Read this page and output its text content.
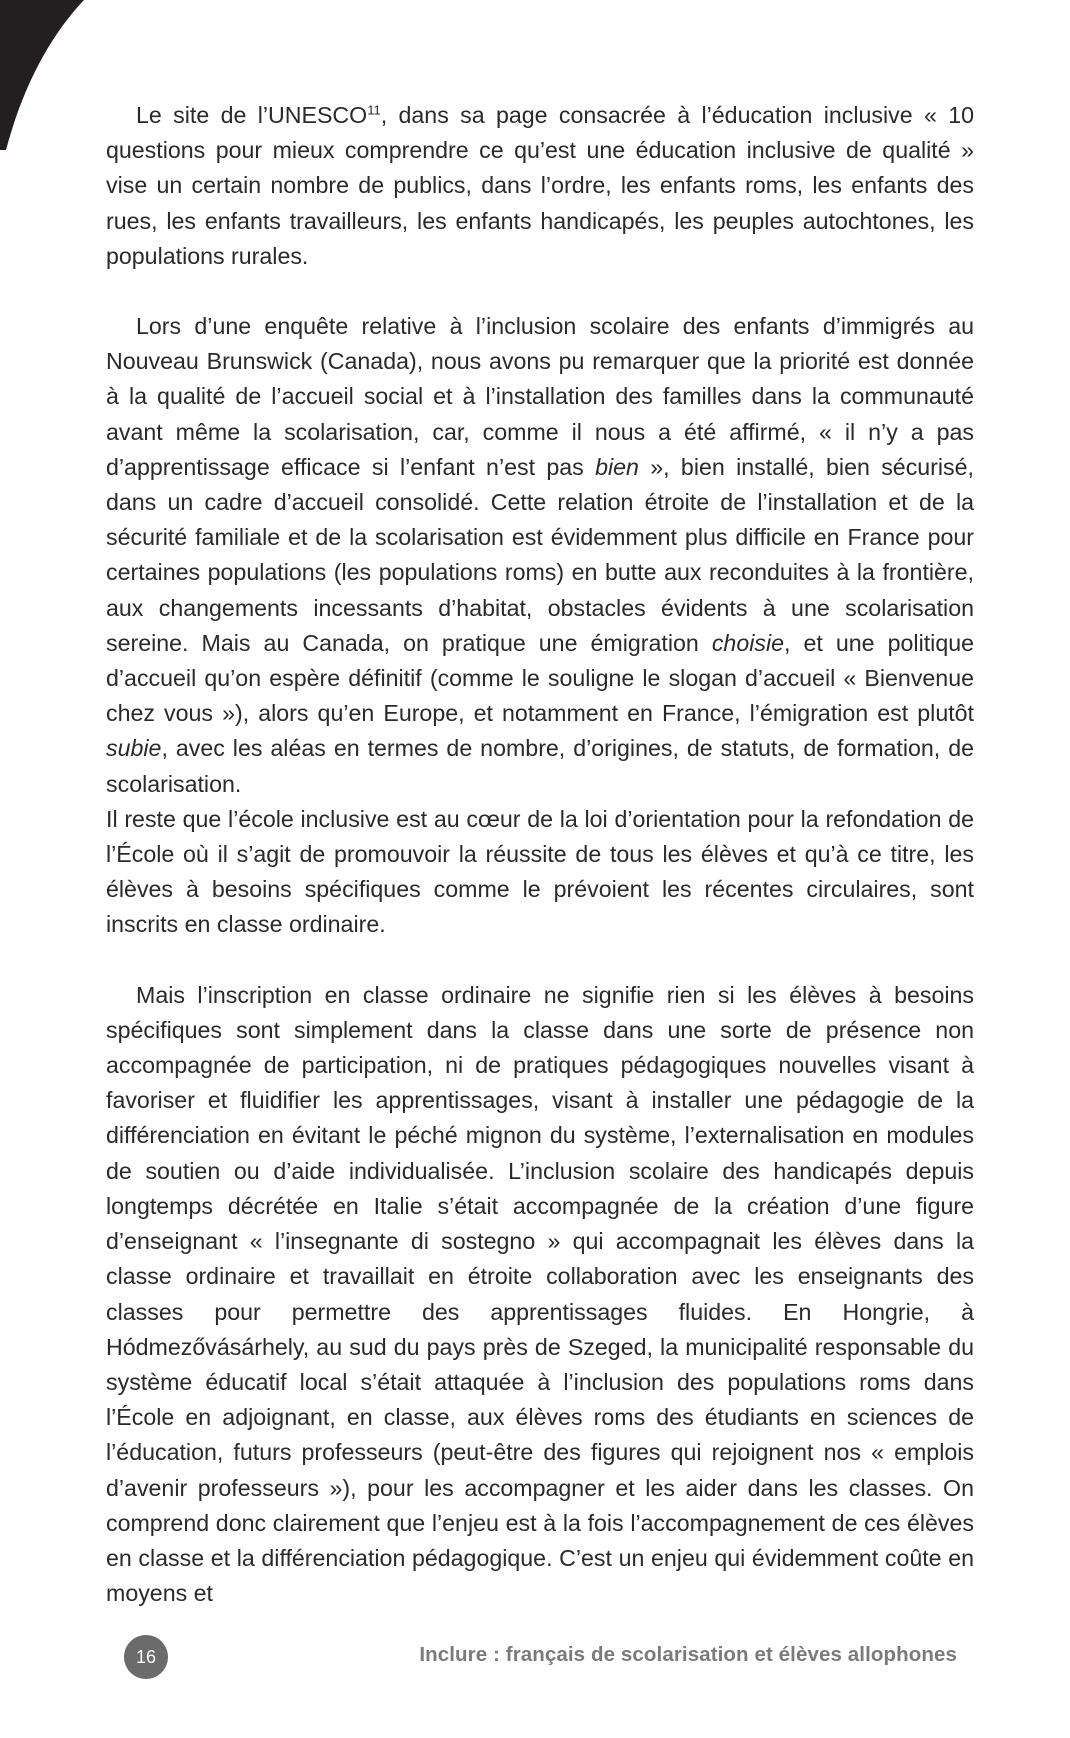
Le site de l’UNESCO$^{11}$, dans sa page consacrée à l’éducation inclusive « 10 questions pour mieux comprendre ce qu’est une éducation inclusive de qualité » vise un certain nombre de publics, dans l’ordre, les enfants roms, les enfants des rues, les enfants travailleurs, les enfants handicapés, les peuples autochtones, les populations rurales.

Lors d’une enquête relative à l’inclusion scolaire des enfants d’immigrés au Nouveau Brunswick (Canada), nous avons pu remarquer que la priorité est donnée à la qualité de l’accueil social et à l’installation des familles dans la communauté avant même la scolarisation, car, comme il nous a été affirmé, « il n’y a pas d’apprentissage efficace si l’enfant n’est pas bien », bien installé, bien sécurisé, dans un cadre d’accueil consolidé. Cette relation étroite de l’installation et de la sécurité familiale et de la scolarisation est évidemment plus difficile en France pour certaines populations (les populations roms) en butte aux reconduites à la frontière, aux changements incessants d’habitat, obstacles évidents à une scolarisation sereine. Mais au Canada, on pratique une émigration choisie, et une politique d’accueil qu’on espère définitif (comme le souligne le slogan d’accueil « Bienvenue chez vous »), alors qu’en Europe, et notamment en France, l’émigration est plutôt subie, avec les aléas en termes de nombre, d’origines, de statuts, de formation, de scolarisation.

Il reste que l’école inclusive est au cœur de la loi d’orientation pour la refondation de l’École où il s’agit de promouvoir la réussite de tous les élèves et qu’à ce titre, les élèves à besoins spécifiques comme le prévoient les récentes circulaires, sont inscrits en classe ordinaire.

Mais l’inscription en classe ordinaire ne signifie rien si les élèves à besoins spécifiques sont simplement dans la classe dans une sorte de présence non accompagnée de participation, ni de pratiques pédagogiques nouvelles visant à favoriser et fluidifier les apprentissages, visant à installer une pédagogie de la différenciation en évitant le péché mignon du système, l’externalisation en modules de soutien ou d’aide individualisée. L’inclusion scolaire des handicapés depuis longtemps décrétée en Italie s’était accompagnée de la création d’une figure d’enseignant « l’insegnante di sostegno » qui accompagnait les élèves dans la classe ordinaire et travaillait en étroite collaboration avec les enseignants des classes pour permettre des apprentissages fluides. En Hongrie, à Hódmezővásárhely, au sud du pays près de Szeged, la municipalité responsable du système éducatif local s’était attaquée à l’inclusion des populations roms dans l’École en adjoignant, en classe, aux élèves roms des étudiants en sciences de l’éducation, futurs professeurs (peut-être des figures qui rejoignent nos « emplois d’avenir professeurs »), pour les accompagner et les aider dans les classes. On comprend donc clairement que l’enjeu est à la fois l’accompagnement de ces élèves en classe et la différenciation pédagogique. C’est un enjeu qui évidemment coûte en moyens et

16	Inclure : français de scolarisation et élèves allophones
